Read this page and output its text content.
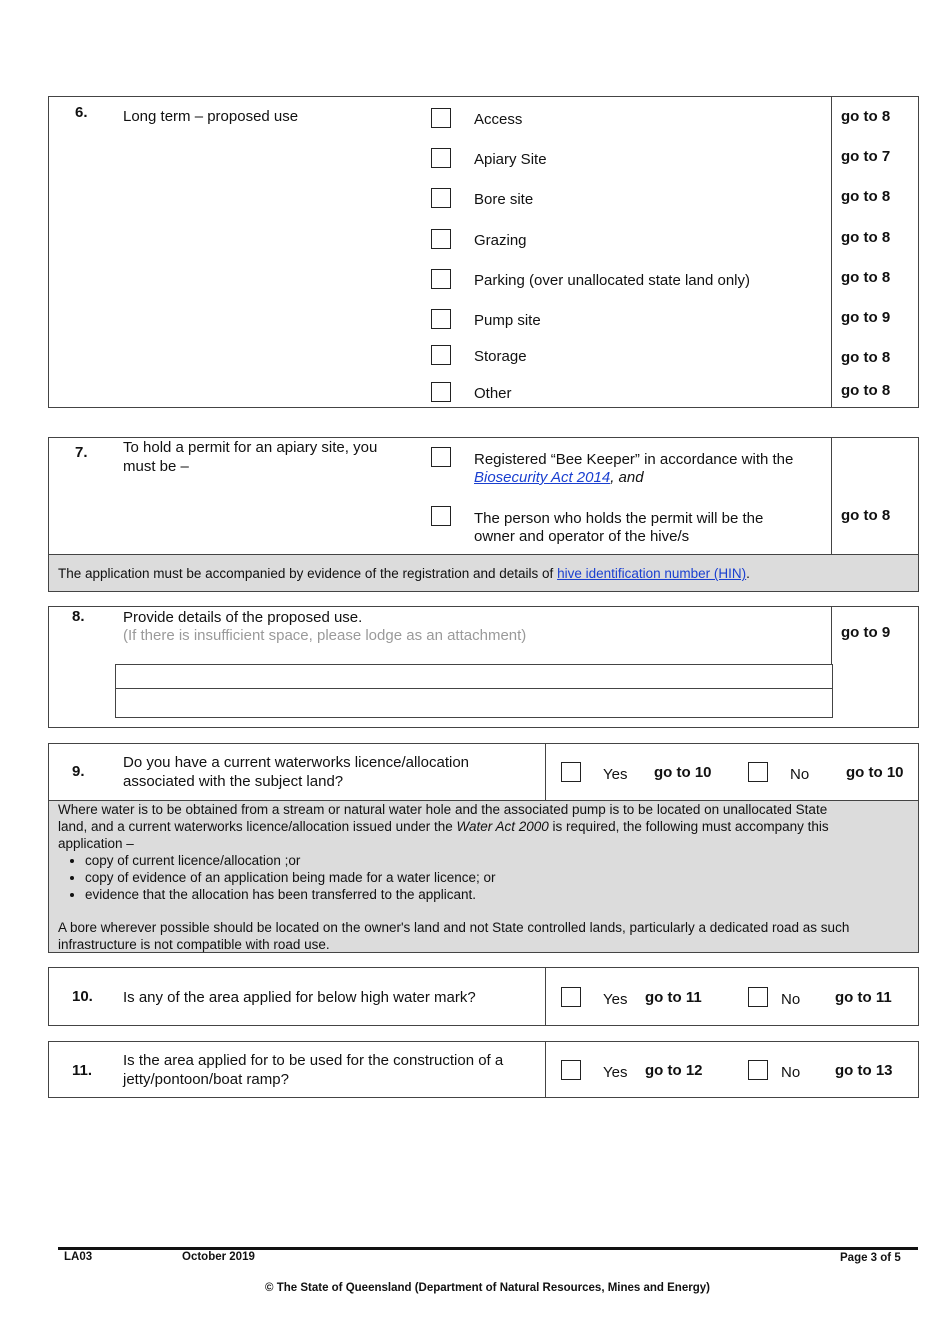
6. Long term – proposed use	Access	go to 8
Apiary Site	go to 7
Bore site	go to 8
Grazing	go to 8
Parking (over unallocated state land only)	go to 8
Pump site	go to 9
Storage	go to 8
Other	go to 8
7. To hold a permit for an apiary site, you
must be –	Registered “Bee Keeper” in accordance with the
Biosecurity Act 2014, and
The person who holds the permit will be the
owner and operator of the hive/s
go to 8
The application must be accompanied by evidence of the registration and details of hive identification number (HIN).
8.	Provide details of the proposed use.
(If there is insufficient space, please lodge as an attachment)	go to 9
9.
Do you have a current waterworks licence/allocation
associated with the subject land?	Yes go to 10	No go to 10
Where water is to be obtained from a stream or natural water hole and the associated pump is to be located on unallocated State
land, and a current waterworks licence/allocation issued under the Water Act 2000 is required, the following must accompany this
application –
• copy of current licence/allocation ;or
• copy of evidence of an application being made for a water licence; or
• evidence that the allocation has been transferred to the applicant.
A bore wherever possible should be located on the owner's land and not State controlled lands, particularly a dedicated road as such
infrastructure is not compatible with road use.
10. Is any of the area applied for below high water mark?	Yes go to 11	No go to 11
11.
Is the area applied for to be used for the construction of a
jetty/pontoon/boat ramp?	Yes go to 12	No go to 13
LA03	October 2019	Page 3 of 5
© The State of Queensland (Department of Natural Resources, Mines and Energy)
